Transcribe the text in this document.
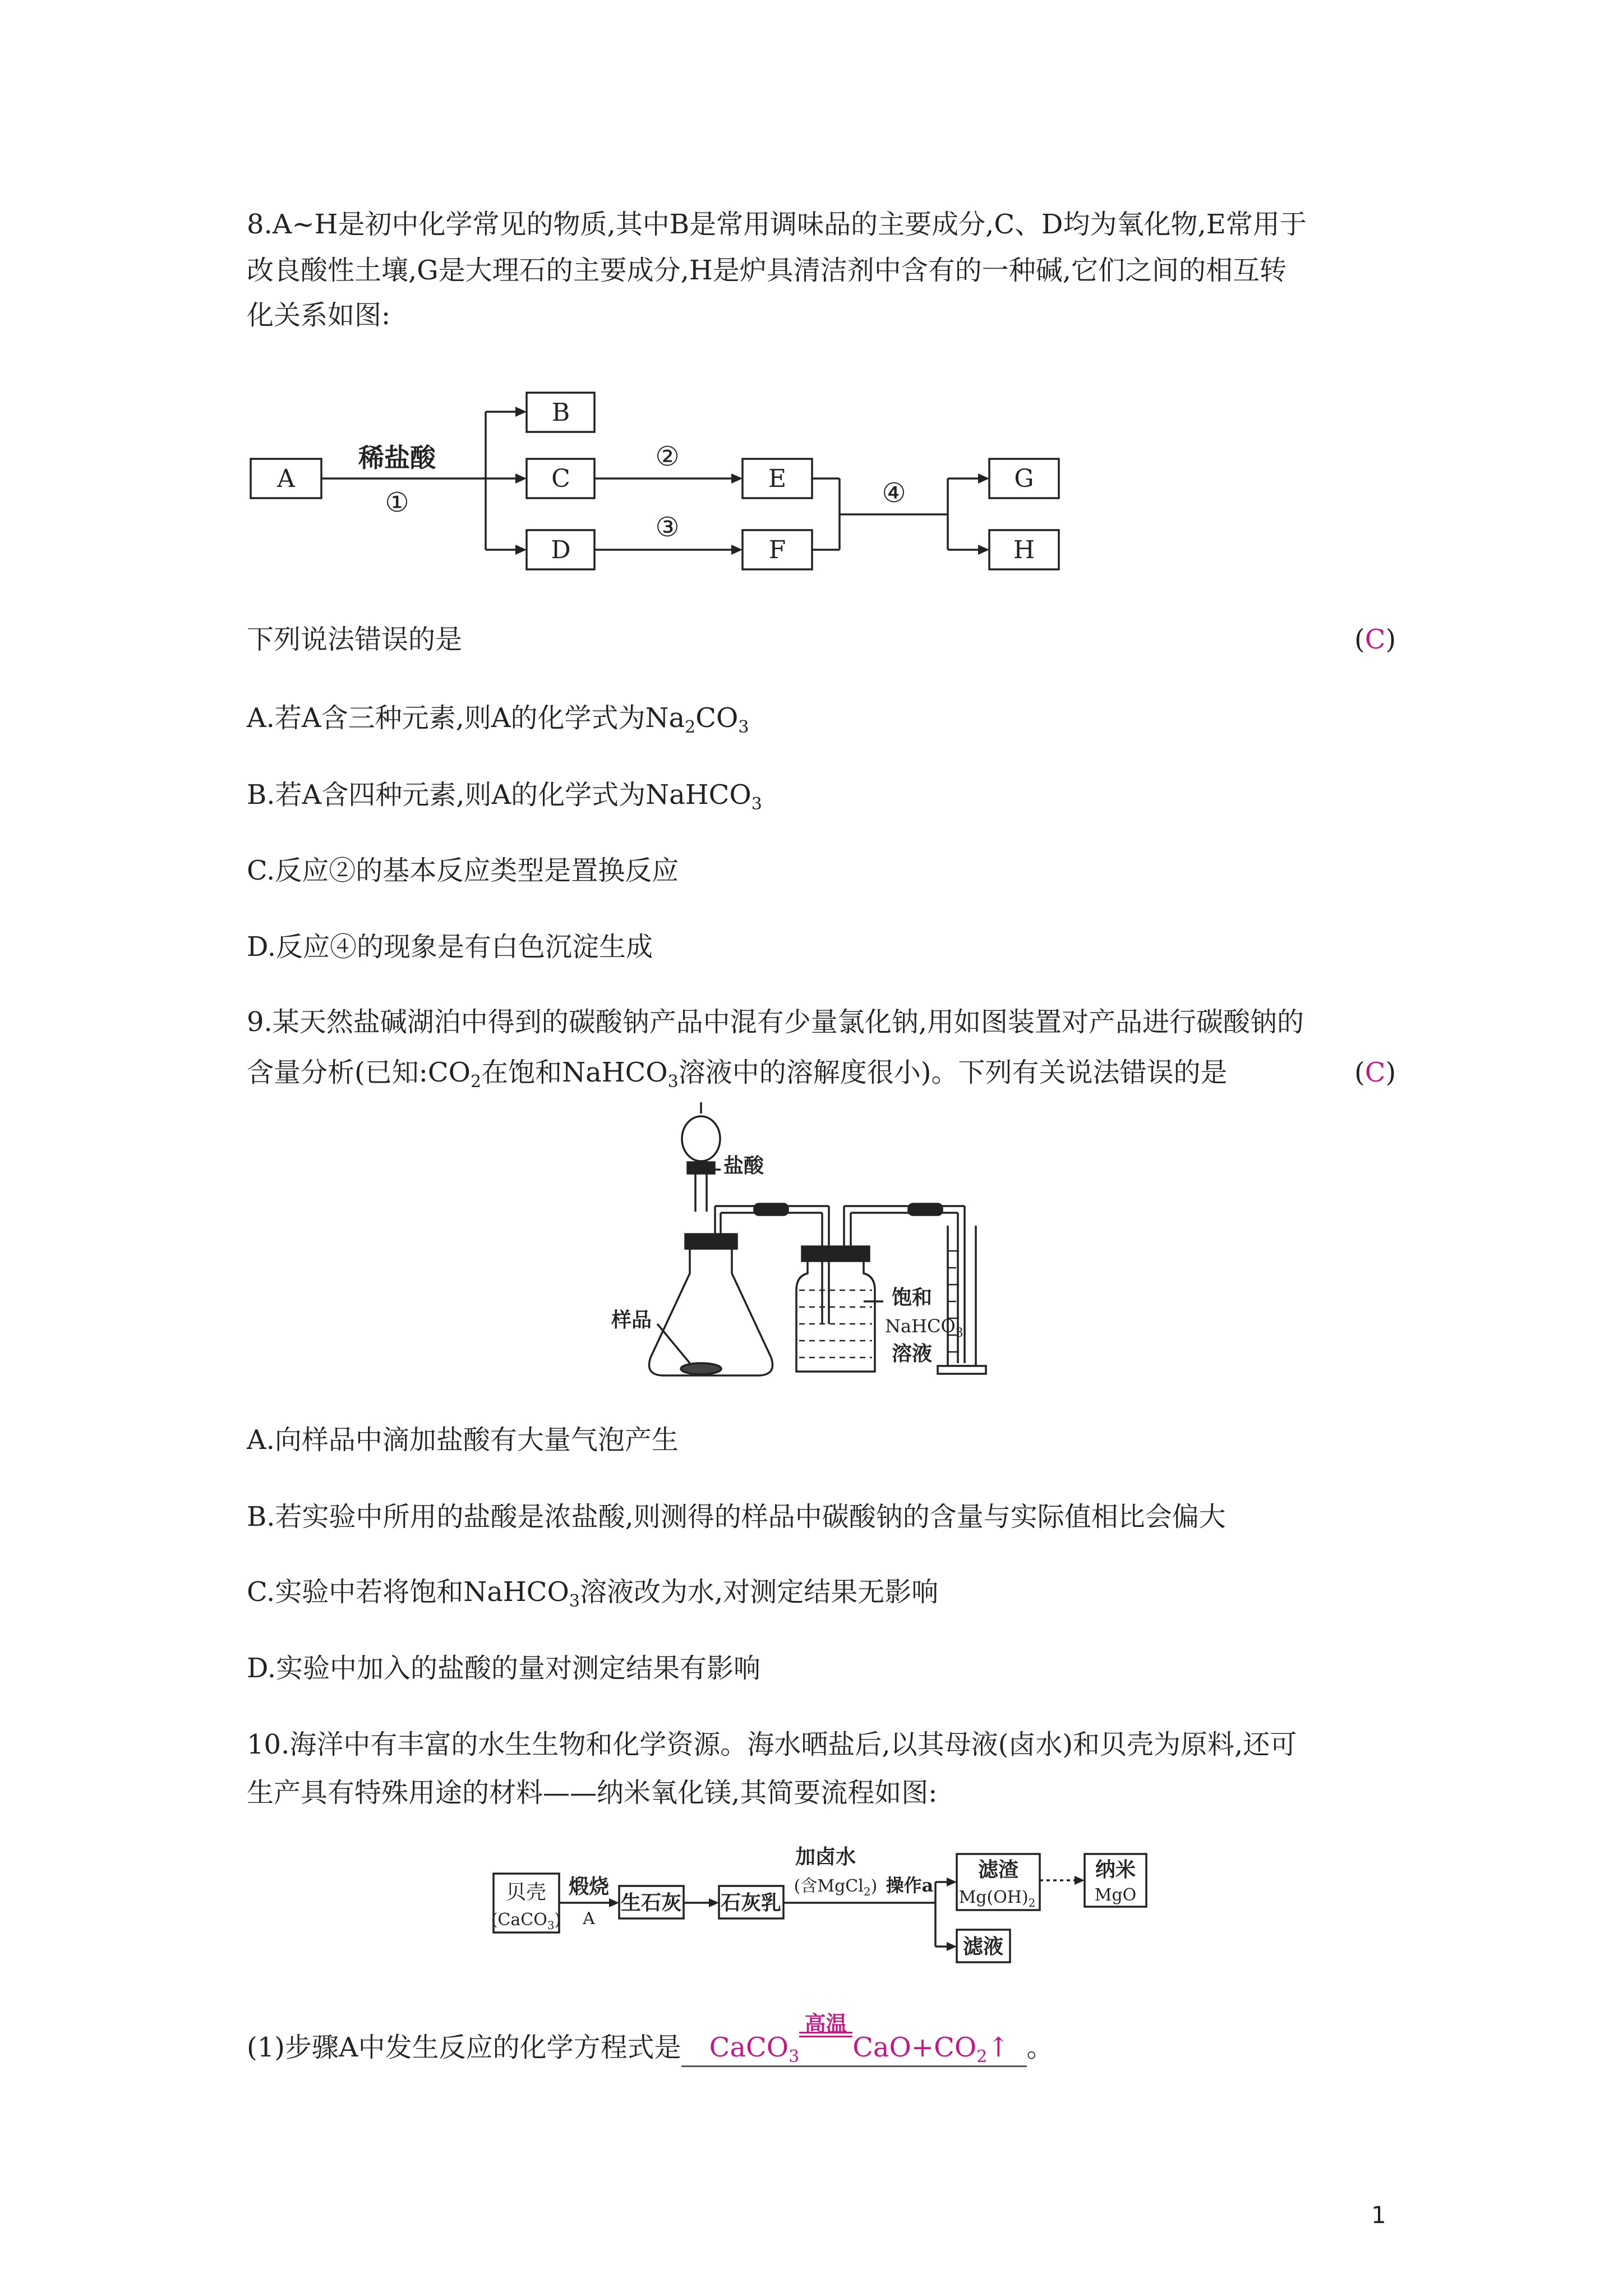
8.A~H是初中化学常见的物质,其中B是常用调味品的主要成分,C、D均为氧化物,E常用于
改良酸性土壤,G是大理石的主要成分,H是炉具清洁剂中含有的一种碱,它们之间的相互转
化关系如图:
A
B
C
D
E
F
G
H
稀盐酸
①
②
③
④
下列说法错误的是	(C)
A.若A含三种元素,则A的化学式为$Na_2CO_3$
B.若A含四种元素,则A的化学式为NaHCO$_3$
C.反应②的基本反应类型是置换反应
D.反应④的现象是有白色沉淀生成
9.某天然盐碱湖泊中得到的碳酸钠产品中混有少量氯化钠,用如图装置对产品进行碳酸钠的
含量分析(已知$:CO_2$在饱和NaHCO$_3$溶液中的溶解度很小)。下列有关说法错误的是	(C)
盐酸
样品
饱和
NaHCO$_3$
溶液
A.向样品中滴加盐酸有大量气泡产生
B.若实验中所用的盐酸是浓盐酸,则测得的样品中碳酸钠的含量与实际值相比会偏大
C.实验中若将饱和NaHCO$_3$溶液改为水,对测定结果无影响
D.实验中加入的盐酸的量对测定结果有影响
10.海洋中有丰富的水生生物和化学资源。海水晒盐后,以其母液(卤水)和贝壳为原料,还可
生产具有特殊用途的材料——纳米氧化镁,其简要流程如图:
贝壳
(CaCO$_3$)
煅烧
A
生石灰 石灰乳
加卤水
(含MgCl$_2$) 操作a
滤渣
$Mg(OH)_2$
纳米
MgO
滤液
(1)步骤A中发生反应的化学方程式是 CaCO$_3$
高温
$CaO+CO_2↑$ 。
1
